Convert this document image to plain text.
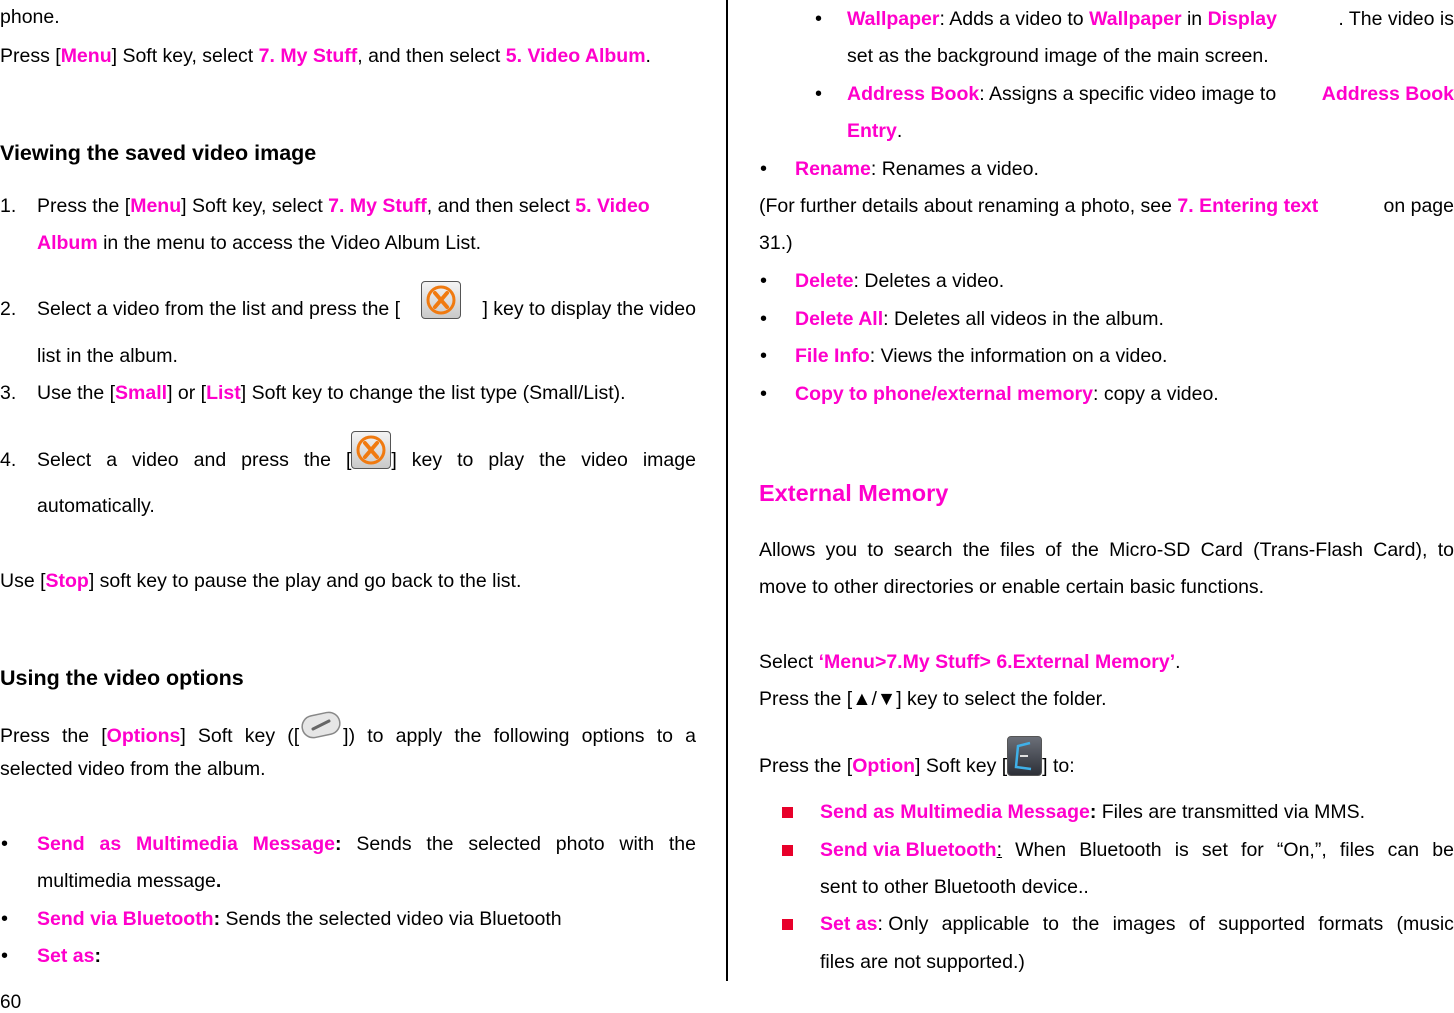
phone.
Press [Menu] Soft key, select 7. My Stuff, and then select 5. Video Album.
Viewing the saved video image
1. Press the [Menu] Soft key, select 7. My Stuff, and then select 5. Video
Album in the menu to access the Video Album List.
2. Select a video from the list and press the [	] key to display the video
list in the album.
3. Use the [Small] or [List] Soft key to change the list type (Small/List).
4. Select a video and press the [ ] key to play the video image
automatically.
Use [Stop] soft key to pause the play and go back to the list.
Using the video options
Press the [Options] Soft key ([ ]) to apply the following options to a
selected video from the album.
• Send as Multimedia Message: Sends the selected photo with the
multimedia message.
• Send via Bluetooth: Sends the selected video via Bluetooth
• Set as:
60
• Wallpaper: Adds a video to Wallpaper in Display	. The video is
set as the background image of the main screen.
• Address Book: Assigns a specific video image to Address Book
Entry.
• Rename: Renames a video.
(For further details about renaming a photo, see 7. Entering text	on page
31.)
• Delete: Deletes a video.
• Delete All: Deletes all videos in the album.
• File Info: Views the information on a video.
• Copy to phone/external memory: copy a video.
External Memory
Allows you to search the files of the Micro-SD Card (Trans-Flash Card), to
move to other directories or enable certain basic functions.
Select ‘Menu>7.My Stuff> 6.External Memory’.
Press the [▲/▼] key to select the folder.
Press the [ Option ] Soft key [ ] to:
Send as Multimedia Message: Files are transmitted via MMS.
Send via Bluetooth: When Bluetooth is set for “On,”, files can be
sent to other Bluetooth device..
Set as: Only applicable to the images of supported formats (music
files are not supported.)
